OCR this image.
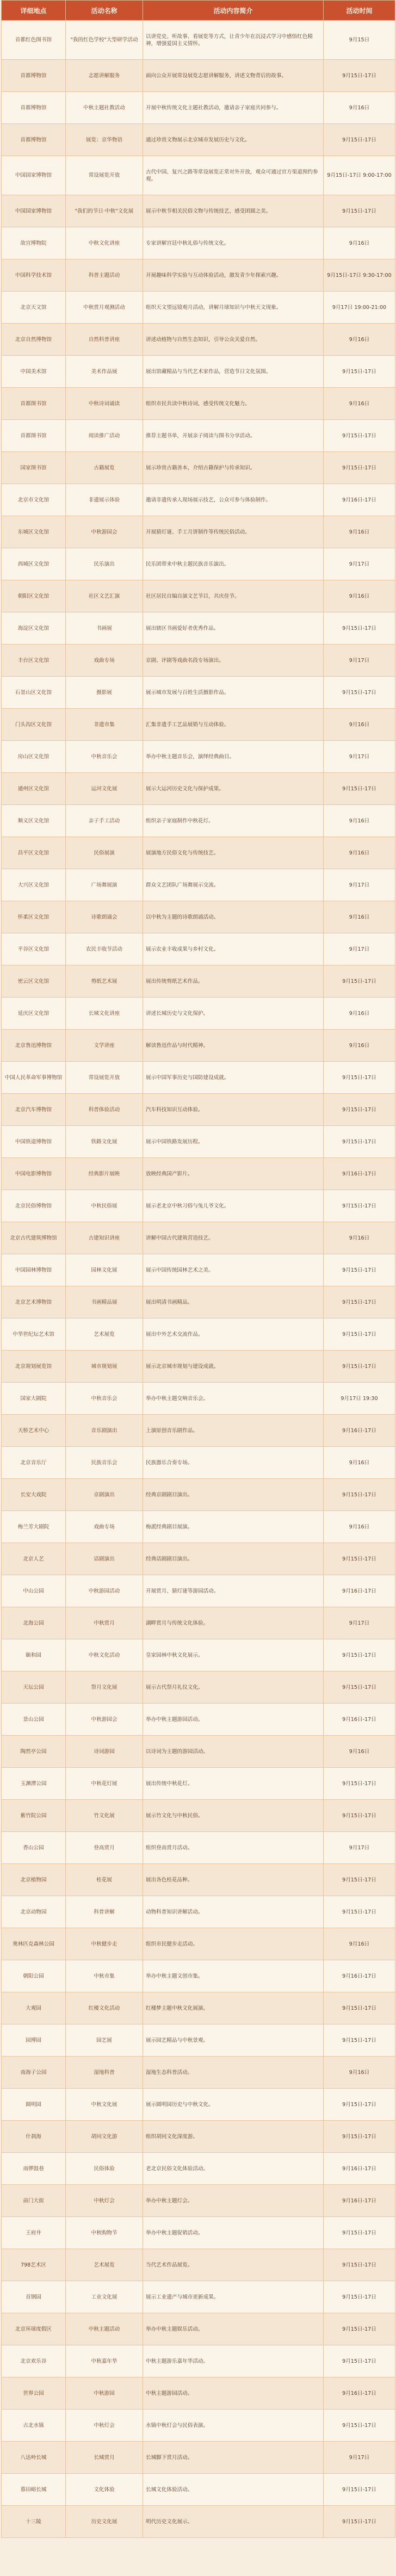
详细地点	活动名称	活动内容简介	活动时间
首都红色图书馆	"我的红色学校"大型研学活动	以讲党史、听故事、看展览等方式，让青少年在沉浸式学习中感悟红色精神，增强爱国主义情怀。	9月15日
首都博物馆	志愿讲解服务	面向公众开展常设展览志愿讲解服务，讲述文物背后的故事。	9月15日-17日
首都博物馆	中秋主题社教活动	开展中秋传统文化主题社教活动，邀请亲子家庭共同参与。	9月16日
首都博物馆	展览：京华物语	通过珍贵文物展示北京城市发展历史与文化。	9月15日-17日
中国国家博物馆	常设展览开放	古代中国、复兴之路等常设展览正常对外开放，观众可通过官方渠道预约参观。	9月15日-17日 9:00-17:00
中国国家博物馆	"我们的节日·中秋"文化展	展示中秋节相关民俗文物与传统技艺，感受团圆之美。	9月15日-17日
故宫博物院	中秋文化讲座	专家讲解宫廷中秋礼俗与传统文化。	9月16日
中国科学技术馆	科普主题活动	开展趣味科学实验与互动体验活动，激发青少年探索兴趣。	9月15日-17日 9:30-17:00
北京天文馆	中秋赏月观测活动	组织天文望远镜观月活动，讲解月球知识与中秋天文现象。	9月17日 19:00-21:00
北京自然博物馆	自然科普讲座	讲述动植物与自然生态知识，引导公众关爱自然。	9月16日
中国美术馆	美术作品展	展出馆藏精品与当代艺术家作品，营造节日文化氛围。	9月15日-17日
首都图书馆	中秋诗词诵读	组织市民共读中秋诗词，感受传统文化魅力。	9月16日
首都图书馆	阅读推广活动	推荐主题书单，开展亲子阅读与图书分享活动。	9月15日-17日
国家图书馆	古籍展览	展示珍贵古籍善本，介绍古籍保护与传承知识。	9月15日-17日
北京市文化馆	非遗展示体验	邀请非遗传承人现场展示技艺，公众可参与体验制作。	9月16日-17日
东城区文化馆	中秋游园会	开展猜灯谜、手工月饼制作等传统民俗活动。	9月16日
西城区文化馆	民乐演出	民乐团带来中秋主题民族音乐演出。	9月17日
朝阳区文化馆	社区文艺汇演	社区居民自编自演文艺节目，共庆佳节。	9月16日
海淀区文化馆	书画展	展出辖区书画爱好者优秀作品。	9月15日-17日
丰台区文化馆	戏曲专场	京剧、评剧等戏曲名段专场演出。	9月17日
石景山区文化馆	摄影展	展示城市发展与百姓生活摄影作品。	9月15日-17日
门头沟区文化馆	非遗市集	汇集非遗手工艺品展销与互动体验。	9月16日
房山区文化馆	中秋音乐会	举办中秋主题音乐会，演绎经典曲目。	9月17日
通州区文化馆	运河文化展	展示大运河历史文化与保护成果。	9月15日-17日
顺义区文化馆	亲子手工活动	组织亲子家庭制作中秋花灯。	9月16日
昌平区文化馆	民俗展演	展演地方民俗文化与传统技艺。	9月16日
大兴区文化馆	广场舞展演	群众文艺团队广场舞展示交流。	9月17日
怀柔区文化馆	诗歌朗诵会	以中秋为主题的诗歌朗诵活动。	9月16日
平谷区文化馆	农民丰收节活动	展示农业丰收成果与乡村文化。	9月17日
密云区文化馆	剪纸艺术展	展出传统剪纸艺术作品。	9月15日-17日
延庆区文化馆	长城文化讲座	讲述长城历史与文化保护。	9月16日
北京鲁迅博物馆	文学讲座	解读鲁迅作品与时代精神。	9月16日
中国人民革命军事博物馆	常设展览开放	展示中国军事历史与国防建设成就。	9月15日-17日
北京汽车博物馆	科普体验活动	汽车科技知识互动体验。	9月15日-17日
中国铁道博物馆	铁路文化展	展示中国铁路发展历程。	9月15日-17日
中国电影博物馆	经典影片展映	放映经典国产影片。	9月16日-17日
北京民俗博物馆	中秋民俗展	展示老北京中秋习俗与兔儿爷文化。	9月15日-17日
北京古代建筑博物馆	古建知识讲座	讲解中国古代建筑营造技艺。	9月16日
中国园林博物馆	园林文化展	展示中国传统园林艺术之美。	9月15日-17日
北京艺术博物馆	书画精品展	展出明清书画精品。	9月15日-17日
中华世纪坛艺术馆	艺术展览	展出中外艺术交流作品。	9月15日-17日
北京规划展览馆	城市规划展	展示北京城市规划与建设成就。	9月15日-17日
国家大剧院	中秋音乐会	举办中秋主题交响音乐会。	9月17日 19:30
天桥艺术中心	音乐剧演出	上演原创音乐剧作品。	9月16日-17日
北京音乐厅	民族音乐会	民族器乐合奏专场。	9月16日
长安大戏院	京剧演出	经典京剧剧目演出。	9月15日-17日
梅兰芳大剧院	戏曲专场	梅派经典剧目展演。	9月16日
北京人艺	话剧演出	经典话剧剧目演出。	9月15日-17日
中山公园	中秋游园活动	开展赏月、猜灯谜等游园活动。	9月16日-17日
北海公园	中秋赏月	湖畔赏月与传统文化体验。	9月17日
颐和园	中秋文化活动	皇家园林中秋文化展示。	9月15日-17日
天坛公园	祭月文化展	展示古代祭月礼仪文化。	9月15日-17日
景山公园	中秋游园会	举办中秋主题游园活动。	9月16日-17日
陶然亭公园	诗词游园	以诗词为主题的游园活动。	9月16日
玉渊潭公园	中秋花灯展	展出传统中秋花灯。	9月15日-17日
紫竹院公园	竹文化展	展示竹文化与中秋民俗。	9月15日-17日
香山公园	登高赏月	组织登高赏月活动。	9月17日
北京植物园	桂花展	展出各色桂花品种。	9月15日-17日
北京动物园	科普讲解	动物科普知识讲解活动。	9月15日-17日
奥林匹克森林公园	中秋健步走	组织市民健步走活动。	9月16日
朝阳公园	中秋市集	举办中秋主题文创市集。	9月16日-17日
大观园	红楼文化活动	红楼梦主题中秋文化展演。	9月15日-17日
园博园	园艺展	展示园艺精品与中秋景观。	9月15日-17日
南海子公园	湿地科普	湿地生态科普活动。	9月16日
圆明园	中秋文化展	展示圆明园历史与中秋文化。	9月15日-17日
什刹海	胡同文化游	组织胡同文化深度游。	9月15日-17日
南锣鼓巷	民俗体验	老北京民俗文化体验活动。	9月16日-17日
前门大街	中秋灯会	举办中秋主题灯会。	9月16日-17日
王府井	中秋购物节	举办中秋主题促销活动。	9月15日-17日
798艺术区	艺术展览	当代艺术作品展览。	9月15日-17日
首钢园	工业文化展	展示工业遗产与城市更新成果。	9月15日-17日
北京环球度假区	中秋主题活动	举办中秋主题娱乐活动。	9月15日-17日
北京欢乐谷	中秋嘉年华	中秋主题游乐嘉年华活动。	9月15日-17日
世界公园	中秋游园	中秋主题游园活动。	9月16日-17日
古北水镇	中秋灯会	水镇中秋灯会与民俗表演。	9月15日-17日
八达岭长城	长城赏月	长城脚下赏月活动。	9月17日
慕田峪长城	文化体验	长城文化体验活动。	9月15日-17日
十三陵	历史文化展	明代历史文化展示。	9月15日-17日
